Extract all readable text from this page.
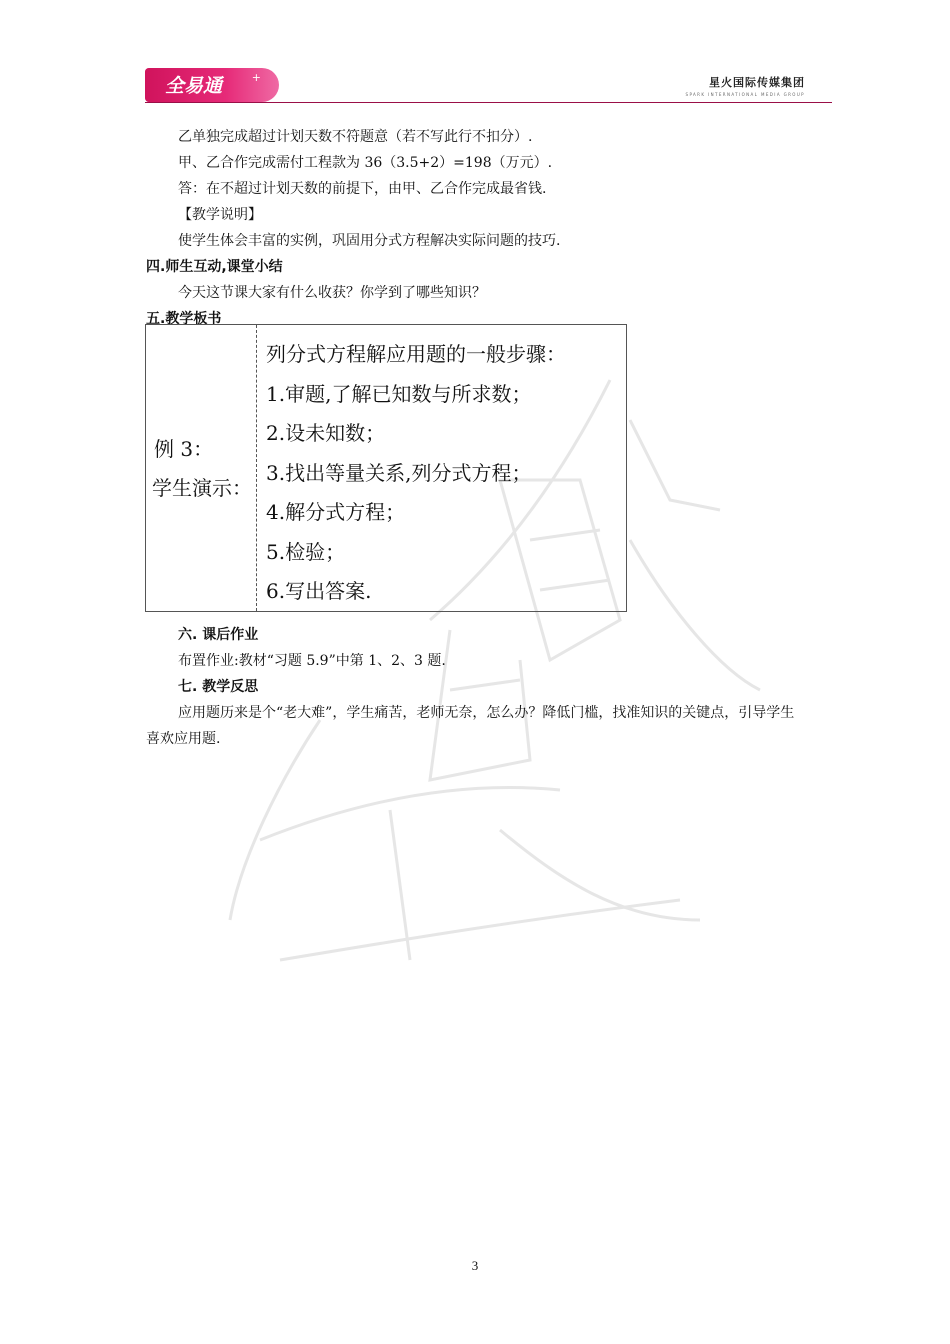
全易通	+	星火国际传媒集团
SPARK INTERNATIONAL MEDIA GROUP

乙单独完成超过计划天数不符题意（若不写此行不扣分）.

甲、乙合作完成需付工程款为 36（3.5+2）=198（万元）.

答：在不超过计划天数的前提下，由甲、乙合作完成最省钱.

【教学说明】

使学生体会丰富的实例，巩固用分式方程解决实际问题的技巧.

四.师生互动,课堂小结

今天这节课大家有什么收获？你学到了哪些知识？

五.教学板书

例 3：
学生演示：
列分式方程解应用题的一般步骤：
1.审题,了解已知数与所求数；
2.设未知数；
3.找出等量关系,列分式方程；
4.解分式方程；
5.检验；
6.写出答案.

六. 课后作业

布置作业:教材“习题 5.9”中第 1、2、3 题.

七. 教学反思

应用题历来是个“老大难”，学生痛苦，老师无奈，怎么办？降低门槛，找准知识的关键点，引导学生喜欢应用题.

3
